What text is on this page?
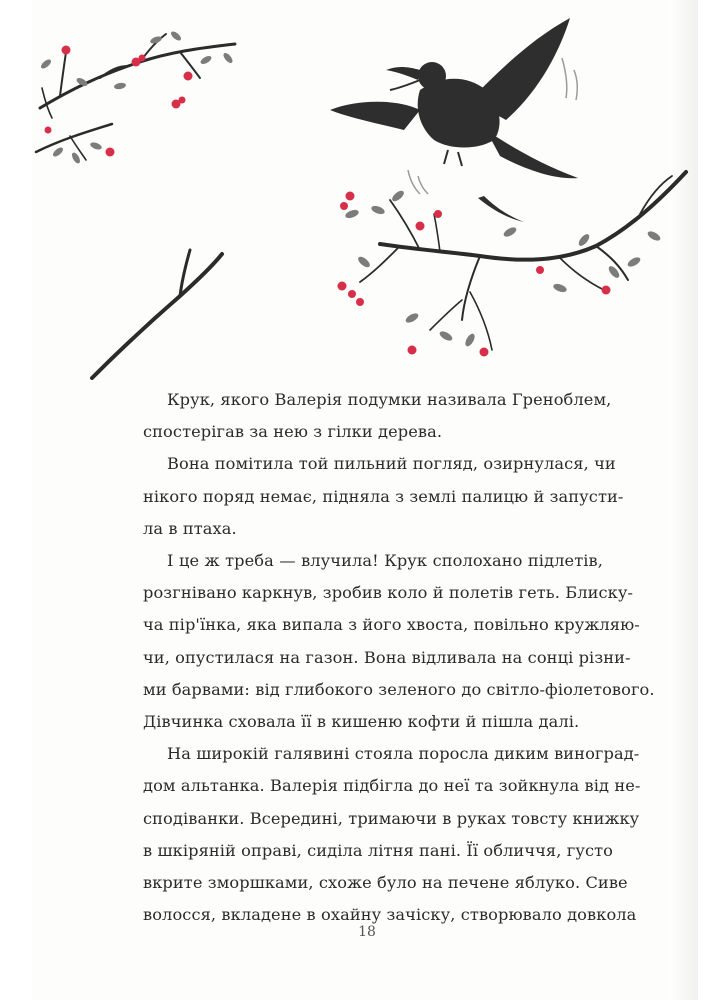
Крук, якого Валерія подумки називала Греноблем,
спостерігав за нею з гілки дерева.
Вона помітила той пильний погляд, озирнулася, чи
нікого поряд немає, підняла з землі палицю й запусти-
ла в птаха.
І це ж треба — влучила! Крук сполохано підлетів,
розгнівано каркнув, зробив коло й полетів геть. Блиску-
ча пір'їнка, яка випала з його хвоста, повільно кружляю-
чи, опустилася на газон. Вона відливала на сонці різни-
ми барвами: від глибокого зеленого до світло-фіолетового.
Дівчинка сховала її в кишеню кофти й пішла далі.
На широкій галявині стояла поросла диким виноград-
дом альтанка. Валерія підбігла до неї та зойкнула від не-
сподіванки. Всередині, тримаючи в руках товсту книжку
в шкіряній оправі, сиділа літня пані. Її обличчя, густо
вкрите зморшками, схоже було на печене яблуко. Сиве
волосся, вкладене в охайну зачіску, створювало довкола
18
